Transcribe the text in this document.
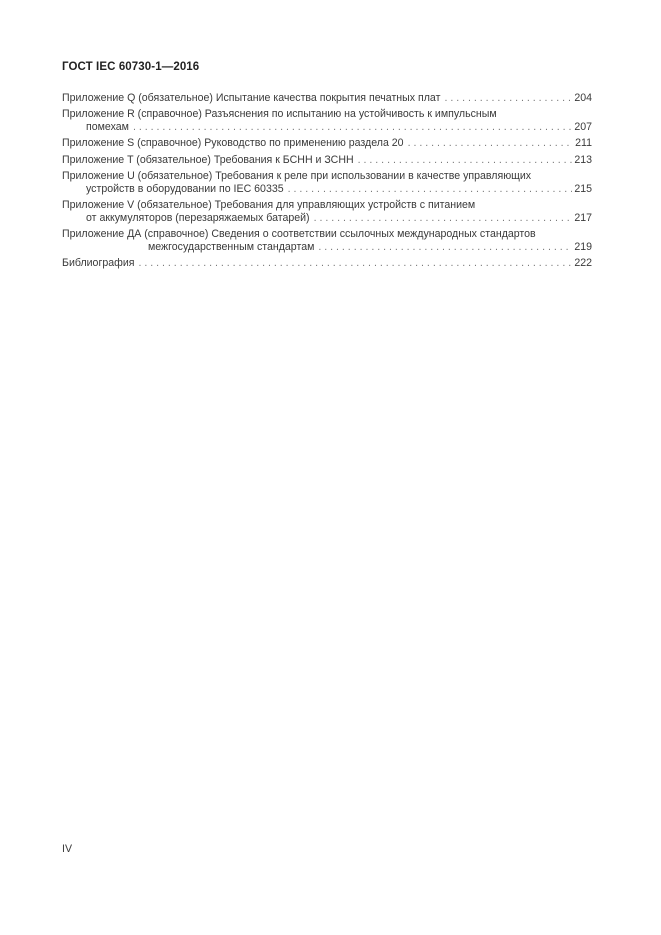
ГОСТ IEC 60730-1—2016
Приложение Q (обязательное) Испытание качества покрытия печатных плат . . .	204
Приложение R (справочное) Разъяснения по испытанию на устойчивость к импульсным
помехам . . .	207
Приложение S (справочное) Руководство по применению раздела 20 . . .	211
Приложение T (обязательное) Требования к БСНН и ЗСНН . . .	213
Приложение U (обязательное) Требования к реле при использовании в качестве управляющих
устройств в оборудовании по IEC 60335 . . .	215
Приложение V (обязательное) Требования для управляющих устройств с питанием
от аккумуляторов (перезаряжаемых батарей) . . .	217
Приложение ДА (справочное) Сведения о соответствии ссылочных международных стандартов
межгосударственным стандартам . . .	219
Библиография . . .	222
IV
